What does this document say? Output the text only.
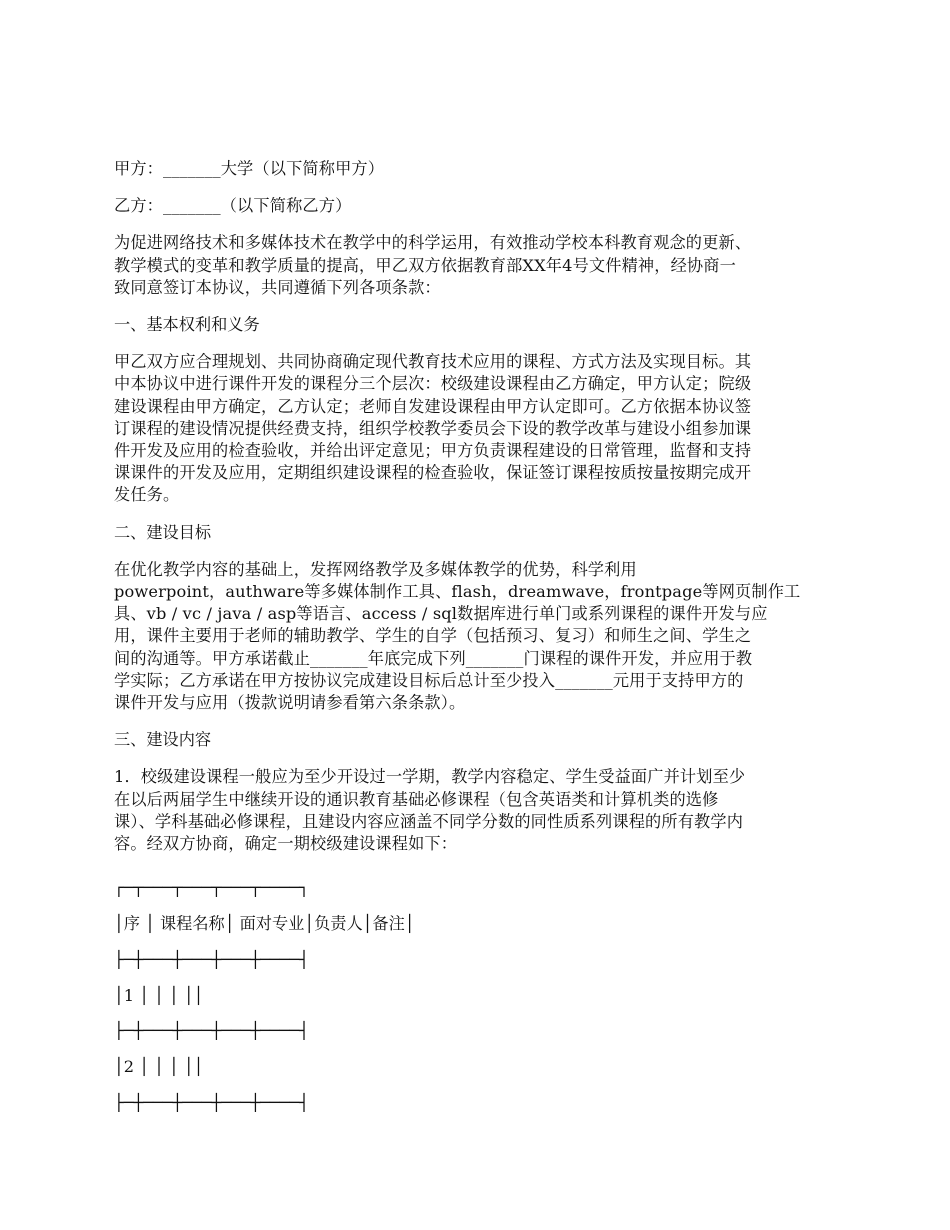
甲方：_______大学（以下简称甲方）

乙方：_______（以下简称乙方）

为促进网络技术和多媒体技术在教学中的科学运用，有效推动学校本科教育观念的更新、
教学模式的变革和教学质量的提高，甲乙双方依据教育部XX年4号文件精神，经协商一
致同意签订本协议，共同遵循下列各项条款：

一、基本权利和义务

甲乙双方应合理规划、共同协商确定现代教育技术应用的课程、方式方法及实现目标。其
中本协议中进行课件开发的课程分三个层次：校级建设课程由乙方确定，甲方认定；院级
建设课程由甲方确定，乙方认定；老师自发建设课程由甲方认定即可。乙方依据本协议签
订课程的建设情况提供经费支持，组织学校教学委员会下设的教学改革与建设小组参加课
件开发及应用的检查验收，并给出评定意见；甲方负责课程建设的日常管理，监督和支持
课课件的开发及应用，定期组织建设课程的检查验收，保证签订课程按质按量按期完成开
发任务。

二、建设目标

在优化教学内容的基础上，发挥网络教学及多媒体教学的优势，科学利用
powerpoint，authware等多媒体制作工具、flash，dreamwave，frontpage等网页制作工
具、vb / vc / java / asp等语言、access / sql数据库进行单门或系列课程的课件开发与应
用，课件主要用于老师的辅助教学、学生的自学（包括预习、复习）和师生之间、学生之
间的沟通等。甲方承诺截止_______年底完成下列_______门课程的课件开发，并应用于教
学实际；乙方承诺在甲方按协议完成建设目标后总计至少投入_______元用于支持甲方的
课件开发与应用（拨款说明请参看第六条条款）。

三、建设内容

1．校级建设课程一般应为至少开设过一学期，教学内容稳定、学生受益面广并计划至少
在以后两届学生中继续开设的通识教育基础必修课程（包含英语类和计算机类的选修
课）、学科基础必修课程，且建设内容应涵盖不同学分数的同性质系列课程的所有教学内
容。经双方协商，确定一期校级建设课程如下：

┌─┬───┬───┬───┬────┐
│序 │ 课程名称│ 面对专业│负责人│备注│
├─┼───┼───┼───┼────┤
│1 │ │ │ ││
├─┼───┼───┼───┼────┤
│2 │ │ │ ││
├─┼───┼───┼───┼────┤
